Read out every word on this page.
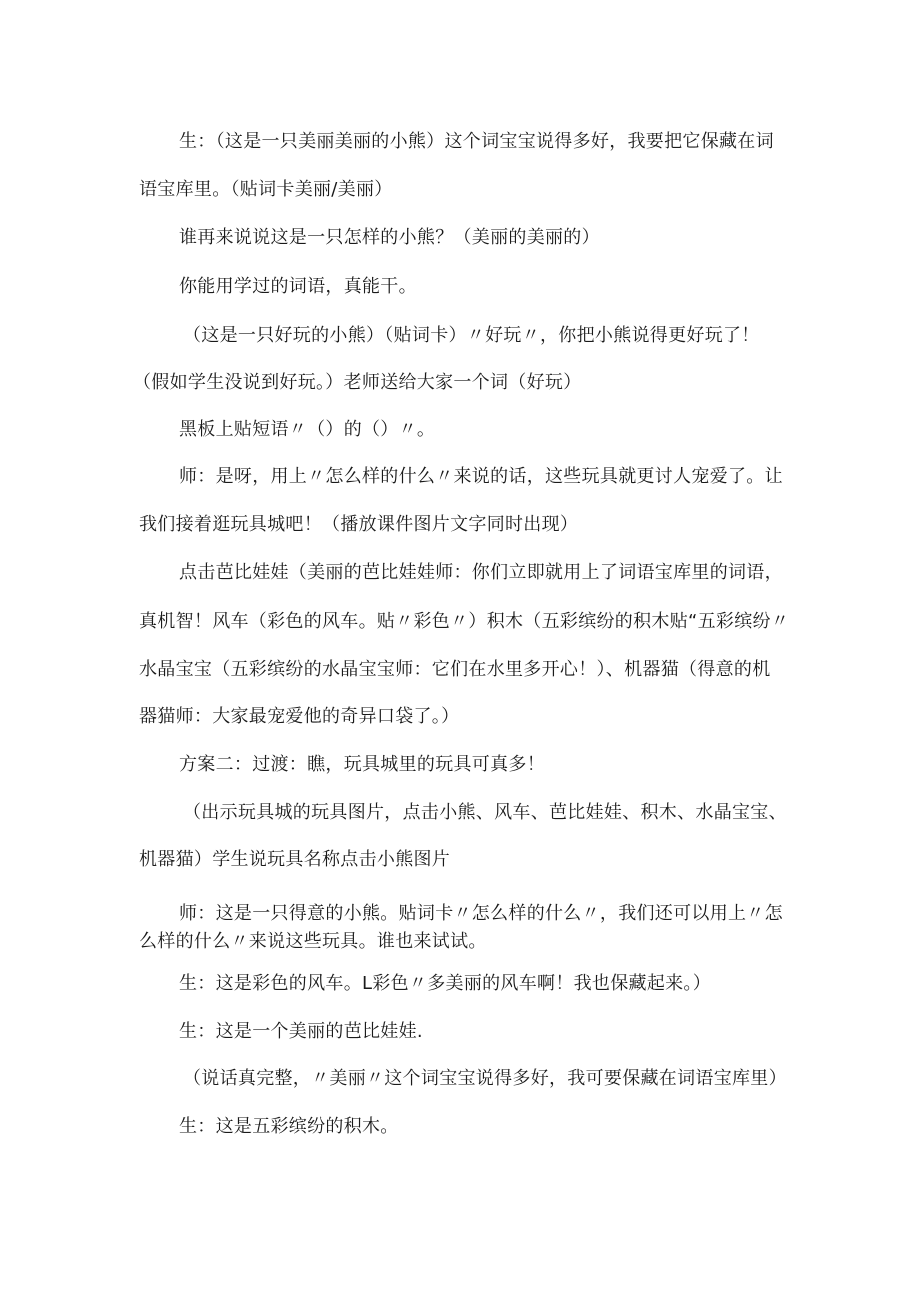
生：（这是一只美丽美丽的小熊）这个词宝宝说得多好，我要把它保藏在词
语宝库里。（贴词卡美丽/美丽）
谁再来说说这是一只怎样的小熊？（美丽的美丽的）
你能用学过的词语，真能干。
（这是一只好玩的小熊）（贴词卡）〃好玩〃，你把小熊说得更好玩了！
（假如学生没说到好玩。）老师送给大家一个词（好玩）
黑板上贴短语〃（）的（）〃。
师：是呀，用上〃怎么样的什么〃来说的话，这些玩具就更讨人宠爱了。让
我们接着逛玩具城吧！（播放课件图片文字同时出现）
点击芭比娃娃（美丽的芭比娃娃师：你们立即就用上了词语宝库里的词语，
真机智！风车（彩色的风车。贴〃彩色〃）积木（五彩缤纷的积木贴“五彩缤纷〃
水晶宝宝（五彩缤纷的水晶宝宝师：它们在水里多开心！）、机器猫（得意的机
器猫师：大家最宠爱他的奇异口袋了。）
方案二：过渡：瞧，玩具城里的玩具可真多！
（出示玩具城的玩具图片，点击小熊、风车、芭比娃娃、积木、水晶宝宝、
机器猫）学生说玩具名称点击小熊图片
师：这是一只得意的小熊。贴词卡〃怎么样的什么〃，我们还可以用上〃怎
么样的什么〃来说这些玩具。谁也来试试。
生：这是彩色的风车。L彩色〃多美丽的风车啊！我也保藏起来。）
生：这是一个美丽的芭比娃娃.
（说话真完整，〃美丽〃这个词宝宝说得多好，我可要保藏在词语宝库里）
生：这是五彩缤纷的积木。
